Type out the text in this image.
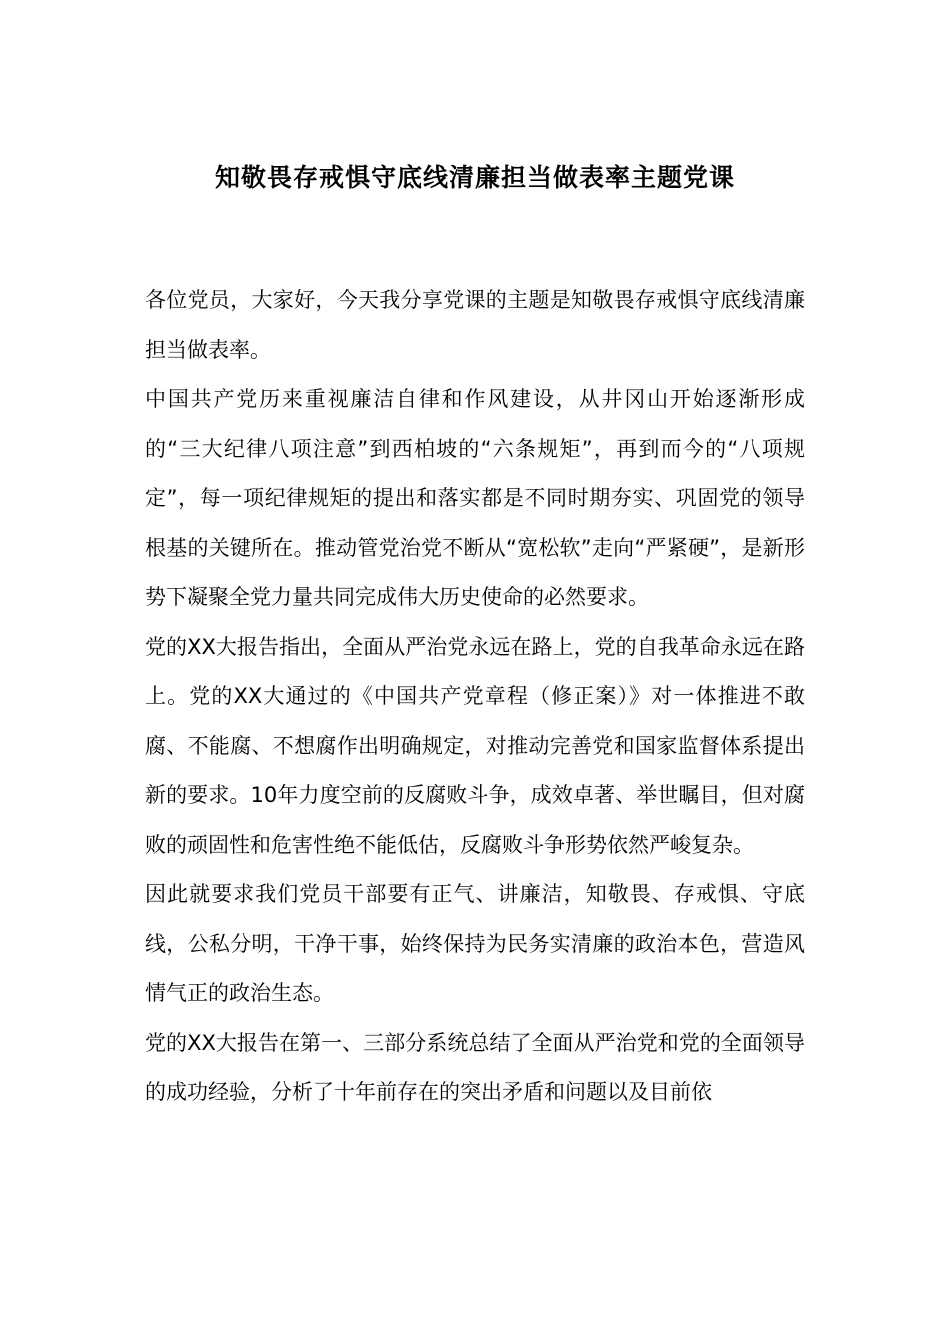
知敬畏存戒惧守底线清廉担当做表率主题党课

各位党员，大家好，今天我分享党课的主题是知敬畏存戒惧守底线清廉担当做表率。

中国共产党历来重视廉洁自律和作风建设，从井冈山开始逐渐形成的“三大纪律八项注意”到西柏坡的“六条规矩”，再到而今的“八项规定”，每一项纪律规矩的提出和落实都是不同时期夯实、巩固党的领导根基的关键所在。推动管党治党不断从“宽松软”走向“严紧硬”，是新形势下凝聚全党力量共同完成伟大历史使命的必然要求。

党的XX大报告指出，全面从严治党永远在路上，党的自我革命永远在路上。党的XX大通过的《中国共产党章程（修正案）》对一体推进不敢腐、不能腐、不想腐作出明确规定，对推动完善党和国家监督体系提出新的要求。10年力度空前的反腐败斗争，成效卓著、举世瞩目，但对腐败的顽固性和危害性绝不能低估，反腐败斗争形势依然严峻复杂。

因此就要求我们党员干部要有正气、讲廉洁，知敬畏、存戒惧、守底线，公私分明，干净干事，始终保持为民务实清廉的政治本色，营造风情气正的政治生态。

党的XX大报告在第一、三部分系统总结了全面从严治党和党的全面领导的成功经验，分析了十年前存在的突出矛盾和问题以及目前依
